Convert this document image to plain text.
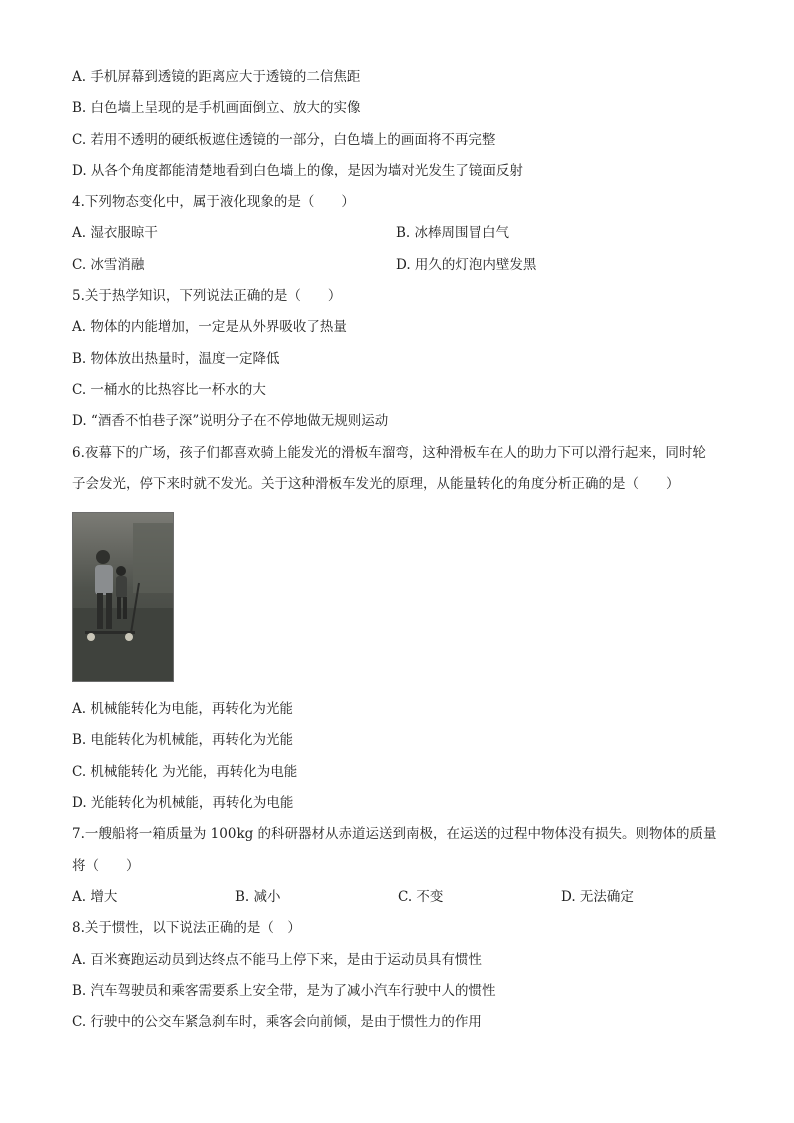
A. 手机屏幕到透镜的距离应大于透镜的二信焦距
B. 白色墙上呈现的是手机画面倒立、放大的实像
C. 若用不透明的硬纸板遮住透镜的一部分，白色墙上的画面将不再完整
D. 从各个角度都能清楚地看到白色墙上的像，是因为墙对光发生了镜面反射
4.下列物态变化中，属于液化现象的是（　　）
A. 湿衣服晾干	B. 冰棒周围冒白气
C. 冰雪消融	D. 用久的灯泡内壁发黑
5.关于热学知识，下列说法正确的是（　　）
A. 物体的内能增加，一定是从外界吸收了热量
B. 物体放出热量时，温度一定降低
C. 一桶水的比热容比一杯水的大
D. “酒香不怕巷子深”说明分子在不停地做无规则运动
6.夜幕下的广场，孩子们都喜欢骑上能发光的滑板车溜弯，这种滑板车在人的助力下可以滑行起来，同时轮
子会发光，停下来时就不发光。关于这种滑板车发光的原理，从能量转化的角度分析正确的是（　　）
A. 机械能转化为电能，再转化为光能
B. 电能转化为机械能，再转化为光能
C. 机械能转化 为光能，再转化为电能
D. 光能转化为机械能，再转化为电能
7.一艘船将一箱质量为 100kg 的科研器材从赤道运送到南极，在运送的过程中物体没有损失。则物体的质量
将（　　）
A. 增大	B. 减小	C. 不变	D. 无法确定
8.关于惯性，以下说法正确的是（　）
A. 百米赛跑运动员到达终点不能马上停下来，是由于运动员具有惯性
B. 汽车驾驶员和乘客需要系上安全带，是为了减小汽车行驶中人的惯性
C. 行驶中的公交车紧急刹车时，乘客会向前倾，是由于惯性力的作用
